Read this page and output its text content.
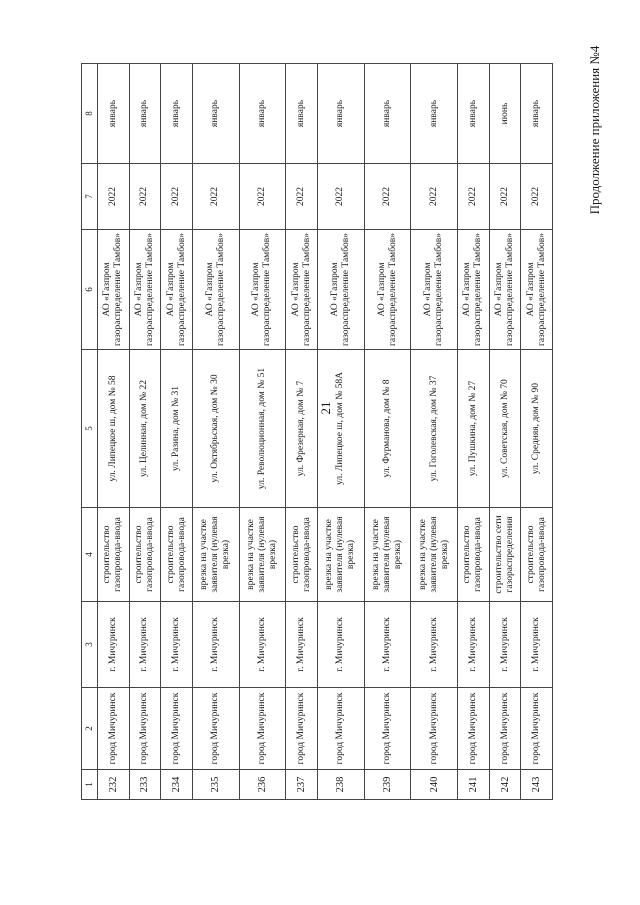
21
Продолжение приложения №4
1	2	3	4	5	6	7	8
232	город Мичуринск	г. Мичуринск	строительство газопровода-ввода	ул. Липецкое ш, дом № 58	АО «Газпром газораспределение Тамбов»	2022	январь
233	город Мичуринск	г. Мичуринск	строительство газопровода-ввода	ул. Целинная, дом № 22	АО «Газпром газораспределение Тамбов»	2022	январь
234	город Мичуринск	г. Мичуринск	строительство газопровода-ввода	ул. Разина, дом № 31	АО «Газпром газораспределение Тамбов»	2022	январь
235	город Мичуринск	г. Мичуринск	врезка на участке заявителя (нулевая врезка)	ул. Октябрьская, дом № 30	АО «Газпром газораспределение Тамбов»	2022	январь
236	город Мичуринск	г. Мичуринск	врезка на участке заявителя (нулевая врезка)	ул. Революционная, дом № 51	АО «Газпром газораспределение Тамбов»	2022	январь
237	город Мичуринск	г. Мичуринск	строительство газопровода-ввода	ул. Фрезерная, дом № 7	АО «Газпром газораспределение Тамбов»	2022	январь
238	город Мичуринск	г. Мичуринск	врезка на участке заявителя (нулевая врезка)	ул. Липецкое ш, дом № 58А	АО «Газпром газораспределение Тамбов»	2022	январь
239	город Мичуринск	г. Мичуринск	врезка на участке заявителя (нулевая врезка)	ул. Фурманова, дом № 8	АО «Газпром газораспределение Тамбов»	2022	январь
240	город Мичуринск	г. Мичуринск	врезка на участке заявителя (нулевая врезка)	ул. Гоголевская, дом № 37	АО «Газпром газораспределение Тамбов»	2022	январь
241	город Мичуринск	г. Мичуринск	строительство газопровода-ввода	ул. Пушкина, дом № 27	АО «Газпром газораспределение Тамбов»	2022	январь
242	город Мичуринск	г. Мичуринск	строительство сети газораспределения	ул. Советская, дом № 70	АО «Газпром газораспределение Тамбов»	2022	июнь
243	город Мичуринск	г. Мичуринск	строительство газопровода-ввода	ул. Средняя, дом № 90	АО «Газпром газораспределение Тамбов»	2022	январь
